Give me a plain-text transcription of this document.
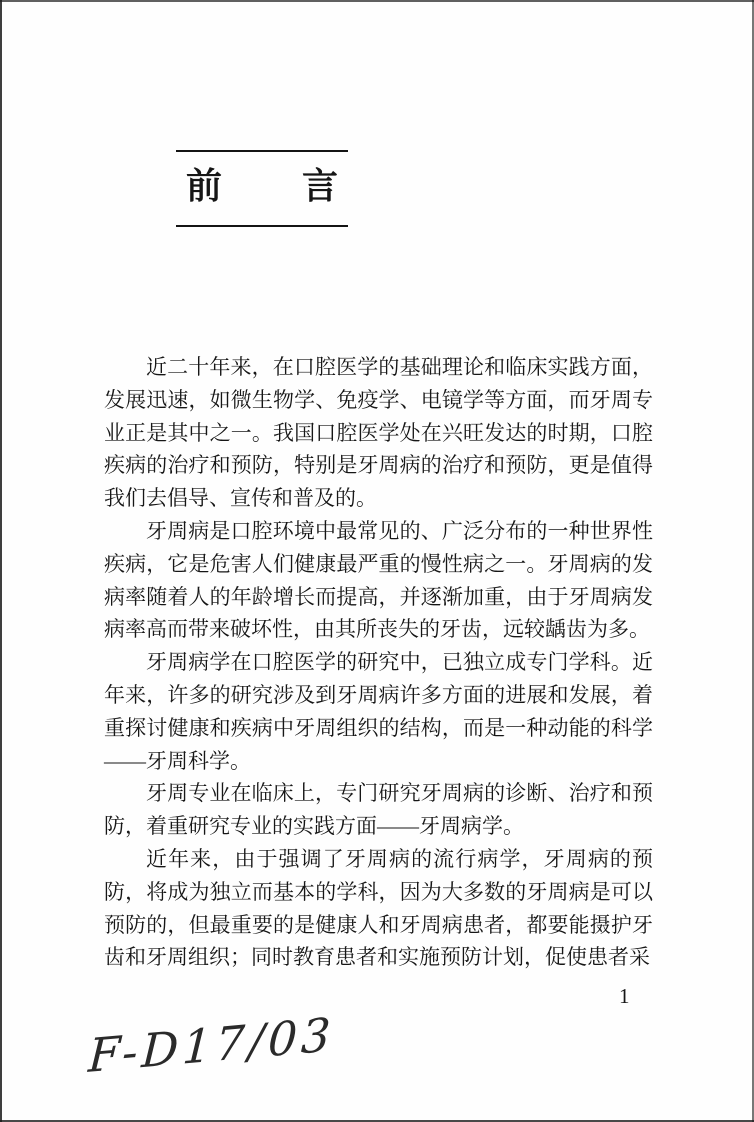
前 言

近二十年来，在口腔医学的基础理论和临床实践方面，发展迅速，如微生物学、免疫学、电镜学等方面，而牙周专业正是其中之一。我国口腔医学处在兴旺发达的时期，口腔疾病的治疗和预防，特别是牙周病的治疗和预防，更是值得我们去倡导、宣传和普及的。

牙周病是口腔环境中最常见的、广泛分布的一种世界性疾病，它是危害人们健康最严重的慢性病之一。牙周病的发病率随着人的年龄增长而提高，并逐渐加重，由于牙周病发病率高而带来破坏性，由其所丧失的牙齿，远较龋齿为多。

牙周病学在口腔医学的研究中，已独立成专门学科。近年来，许多的研究涉及到牙周病许多方面的进展和发展，着重探讨健康和疾病中牙周组织的结构，而是一种动能的科学——牙周科学。

牙周专业在临床上，专门研究牙周病的诊断、治疗和预防，着重研究专业的实践方面——牙周病学。

近年来，由于强调了牙周病的流行病学，牙周病的预防，将成为独立而基本的学科，因为大多数的牙周病是可以预防的，但最重要的是健康人和牙周病患者，都要能摄护牙齿和牙周组织；同时教育患者和实施预防计划，促使患者采

1
F-D17/03
